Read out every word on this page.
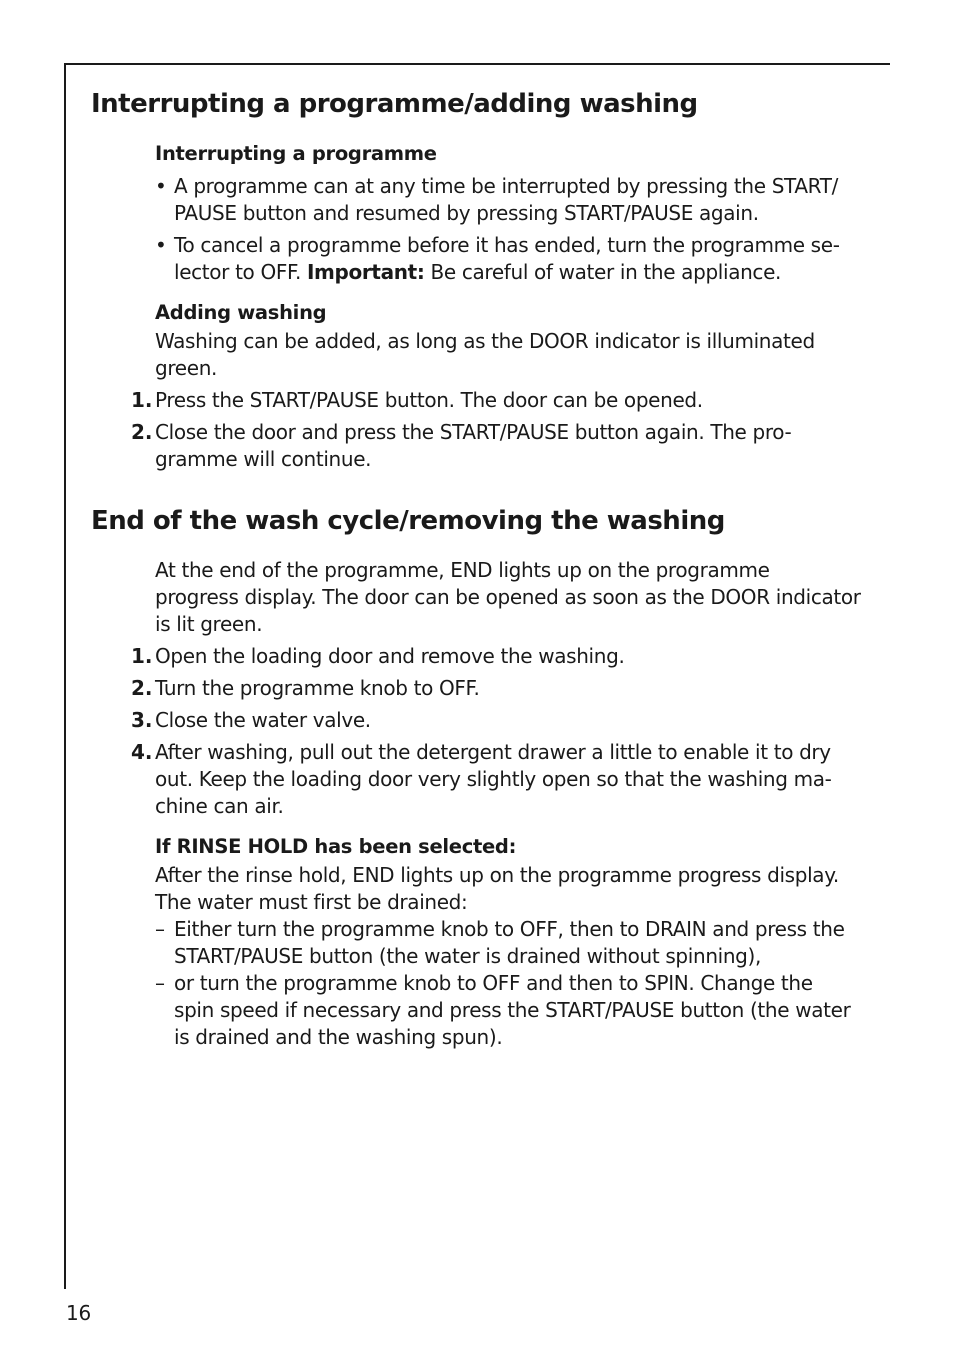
Interrupting a programme/adding washing
Interrupting a programme
• A programme can at any time be interrupted by pressing the START/
PAUSE button and resumed by pressing START/PAUSE again.
• To cancel a programme before it has ended, turn the programme se-
lector to OFF. Important: Be careful of water in the appliance.
Adding washing
Washing can be added, as long as the DOOR indicator is illuminated
green.
1. Press the START/PAUSE button. The door can be opened.
2. Close the door and press the START/PAUSE button again. The pro-
gramme will continue.
End of the wash cycle/removing the washing
At the end of the programme, END lights up on the programme
progress display. The door can be opened as soon as the DOOR indicator
is lit green.
1. Open the loading door and remove the washing.
2. Turn the programme knob to OFF.
3. Close the water valve.
4. After washing, pull out the detergent drawer a little to enable it to dry
out. Keep the loading door very slightly open so that the washing ma-
chine can air.
If RINSE HOLD has been selected:
After the rinse hold, END lights up on the programme progress display.
The water must first be drained:
– Either turn the programme knob to OFF, then to DRAIN and press the
START/PAUSE button (the water is drained without spinning),
– or turn the programme knob to OFF and then to SPIN. Change the
spin speed if necessary and press the START/PAUSE button (the water
is drained and the washing spun).
16
